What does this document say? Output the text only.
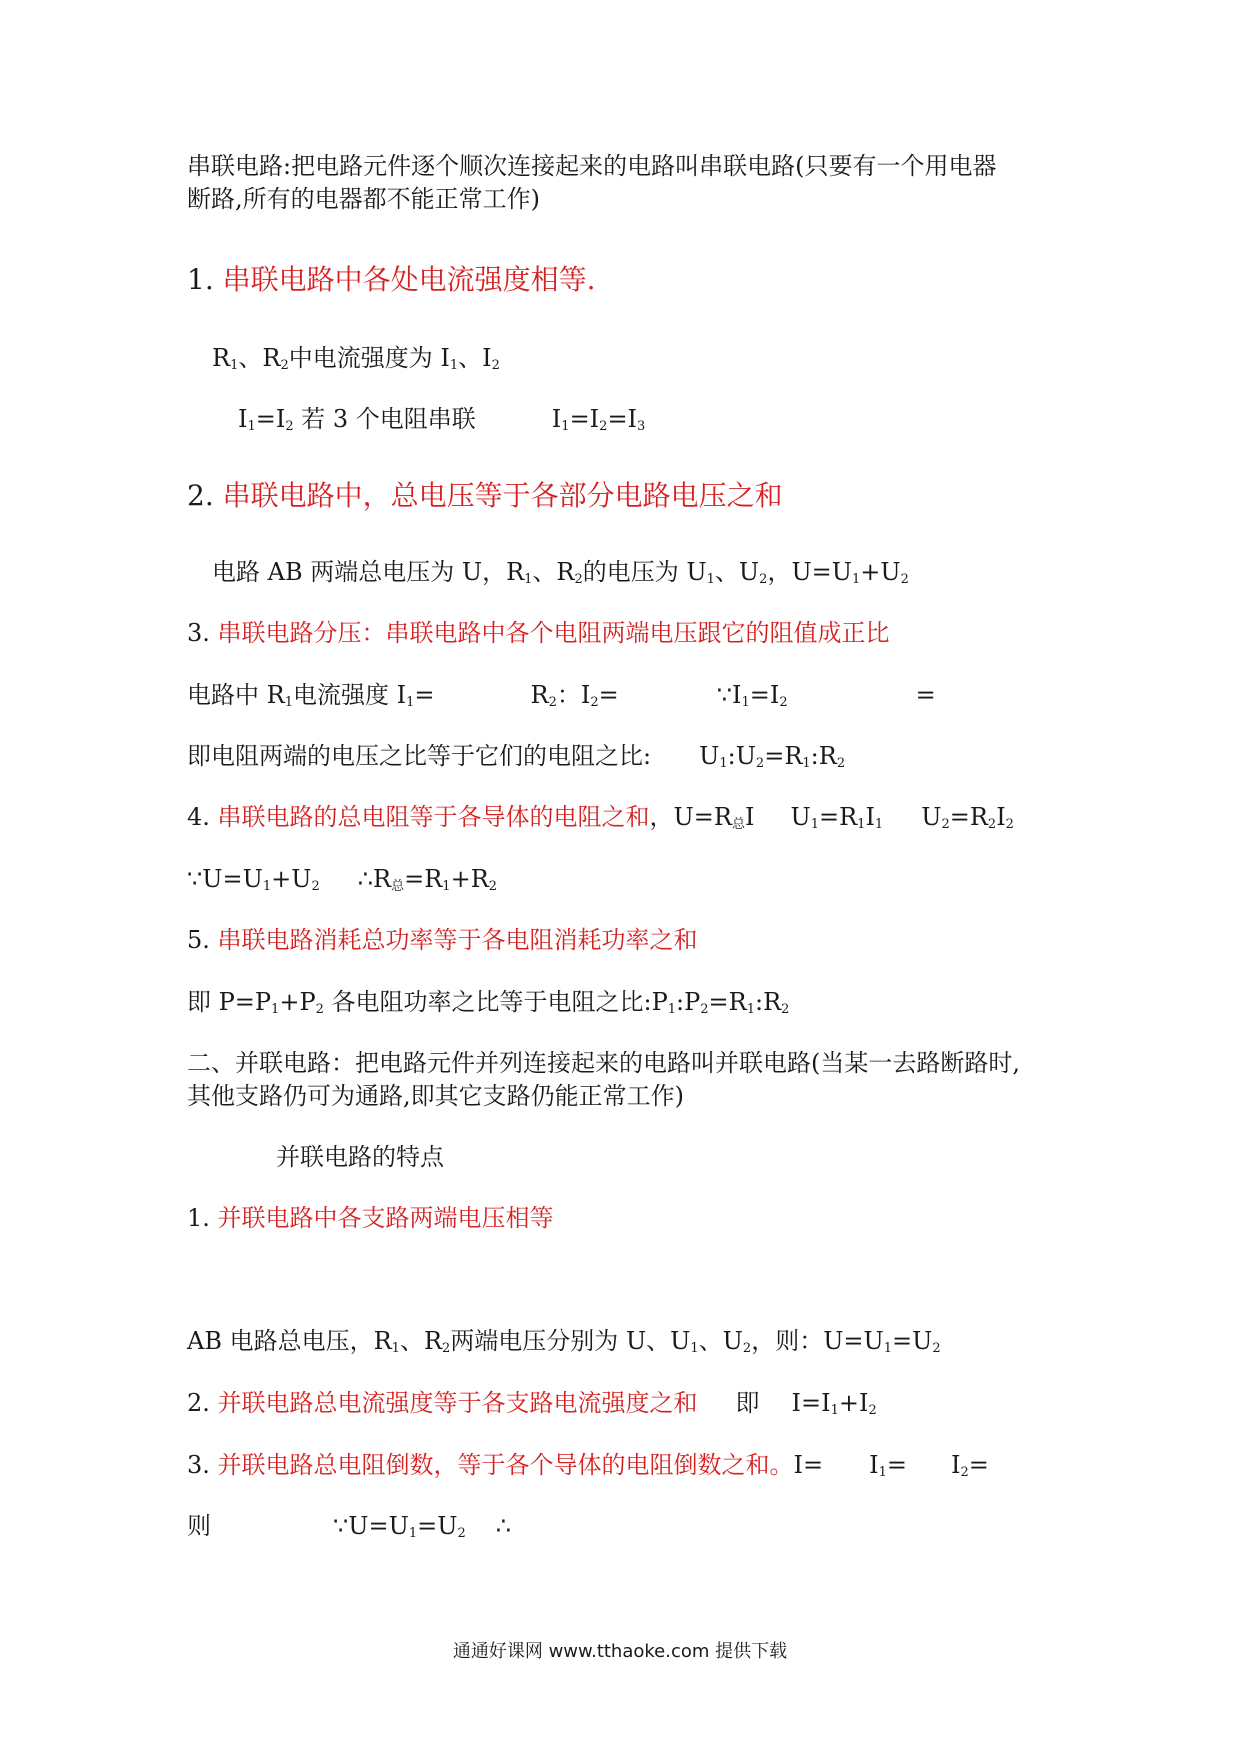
串联电路:把电路元件逐个顺次连接起来的电路叫串联电路(只要有一个用电器
断路,所有的电器都不能正常工作)
1. 串联电路中各处电流强度相等.
$R_1$、$R_2$中电流强度为 $I_1$、$I_2$
$I_1=I_2$ 若 3 个电阻串联	$I_1=I_2=I_3$
2. 串联电路中，总电压等于各部分电路电压之和
电路 AB 两端总电压为 U，$R_1$、$R_2$的电压为 $U_1$、$U_2$，$U=U_1+U_2$
3. 串联电路分压：串联电路中各个电阻两端电压跟它的阻值成正比
电路中 $R_1$电流强度 $I_1=$	$R_2$：$I_2=$	$\because I_1=I_2$	=
即电阻两端的电压之比等于它们的电阻之比: $U_1:U_2=R_1:R_2$
4. 串联电路的总电阻等于各导体的电阻之和，$U=R_总I$ $U_1=R_1I_1$ $U_2=R_2I_2$
$\because U=U_1+U_2$ $\therefore R_总=R_1+R_2$
5. 串联电路消耗总功率等于各电阻消耗功率之和
即 $P=P_1+P_2$ 各电阻功率之比等于电阻之比$:P_1:P_2=R_1:R_2$
二、并联电路：把电路元件并列连接起来的电路叫并联电路(当某一去路断路时,
其他支路仍可为通路,即其它支路仍能正常工作)
并联电路的特点
1. 并联电路中各支路两端电压相等
AB 电路总电压，$R_1$、$R_2$两端电压分别为 U、$U_1$、$U_2$，则：$U=U_1=U_2$
2. 并联电路总电流强度等于各支路电流强度之和 即 $I=I_1+I_2$
3. 并联电路总电阻倒数，等于各个导体的电阻倒数之和。$I= I_1= I_2=$
则	$\because U=U_1=U_2$ ∴
通通好课网 www.tthaoke.com 提供下载
